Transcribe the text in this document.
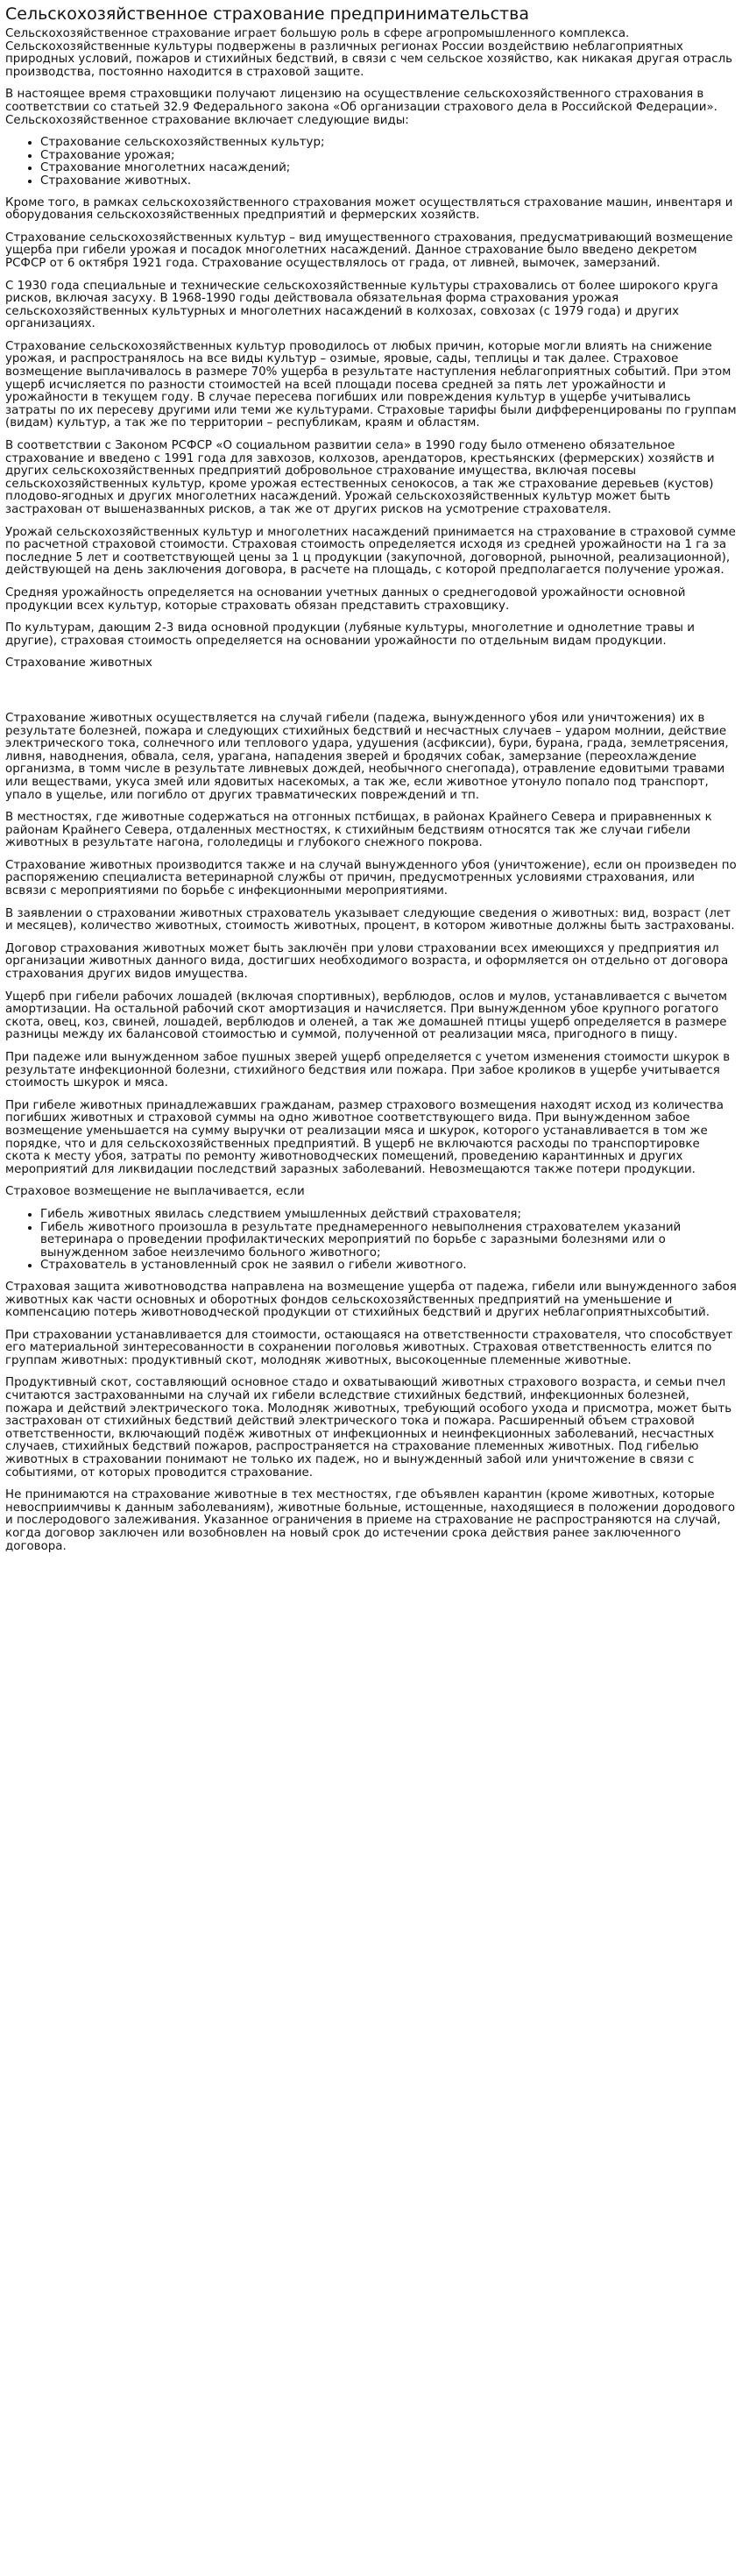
Сельскохозяйственное страхование предпринимательства

Сельскохозяйственное страхование играет большую роль в сфере агропромышленного комплекса. Сельскохозяйственные культуры подвержены в различных регионах России воздействию неблагоприятных природных условий, пожаров и стихийных бедствий, в связи с чем сельское хозяйство, как никакая другая отрасль производства, постоянно находится в страховой защите.

В настоящее время страховщики получают лицензию на осуществление сельскохозяйственного страхования в соответствии со статьей 32.9 Федерального закона «Об организации страхового дела в Российской Федерации». Сельскохозяйственное страхование включает следующие виды:

• Страхование сельскохозяйственных культур;
• Страхование урожая;
• Страхование многолетних насаждений;
• Страхование животных.

Кроме того, в рамках сельскохозяйственного страхования может осуществляться страхование машин, инвентаря и оборудования сельскохозяйственных предприятий и фермерских хозяйств.

Страхование сельскохозяйственных культур – вид имущественного страхования, предусматривающий возмещение ущерба при гибели урожая и посадок многолетних насаждений. Данное страхование было введено декретом РСФСР от 6 октября 1921 года. Страхование осуществлялось от града, от ливней, вымочек, замерзаний.

С 1930 года специальные и технические сельскохозяйственные культуры страховались от более широкого круга рисков, включая засуху. В 1968-1990 годы действовала обязательная форма страхования урожая сельскохозяйственных культурных и многолетних насаждений в колхозах, совхозах (с 1979 года) и других организациях.

Страхование сельскохозяйственных культур проводилось от любых причин, которые могли влиять на снижение урожая, и распространялось на все виды культур – озимые, яровые, сады, теплицы и так далее. Страховое возмещение выплачивалось в размере 70% ущерба в результате наступления неблагоприятных событий. При этом ущерб исчисляется по разности стоимостей на всей площади посева средней за пять лет урожайности и урожайности в текущем году. В случае пересева погибших или повреждения культур в ущербе учитывались затраты по их пересеву другими или теми же культурами. Страховые тарифы были дифференцированы по группам (видам) культур, а так же по территории – республикам, краям и областям.

В соответствии с Законом РСФСР «О социальном развитии села» в 1990 году было отменено обязательное страхование и введено с 1991 года для завхозов, колхозов, арендаторов, крестьянских (фермерских) хозяйств и других сельскохозяйственных предприятий добровольное страхование имущества, включая посевы сельскохозяйственных культур, кроме урожая естественных сенокосов, а так же страхование деревьев (кустов) плодово-ягодных и других многолетних насаждений. Урожай сельскохозяйственных культур может быть застрахован от вышеназванных рисков, а так же от других рисков на усмотрение страхователя.

Урожай сельскохозяйственных культур и многолетних насаждений принимается на страхование в страховой сумме по расчетной страховой стоимости. Страховая стоимость определяется исходя из средней урожайности на 1 га за последние 5 лет и соответствующей цены за 1 ц продукции (закупочной, договорной, рыночной, реализационной), действующей на день заключения договора, в расчете на площадь, с которой предполагается получение урожая.

Средняя урожайность определяется на основании учетных данных о среднегодовой урожайности основной продукции всех культур, которые страховать обязан представить страховщику.

По культурам, дающим 2-3 вида основной продукции (лубяные культуры, многолетние и однолетние травы и другие), страховая стоимость определяется на основании урожайности по отдельным видам продукции.

Страхование животных

Страхование животных осуществляется на случай гибели (падежа, вынужденного убоя или уничтожения) их в результате болезней, пожара и следующих стихийных бедствий и несчастных случаев – ударом молнии, действие электрического тока, солнечного или теплового удара, удушения (асфиксии), бури, бурана, града, землетрясения, ливня, наводнения, обвала, селя, урагана, нападения зверей и бродячих собак, замерзание (переохлаждение организма, в томм числе в результате ливневых дождей, необычного снегопада), отравление едовитыми травами или веществами, укуса змей или ядовитых насекомых, а так же, если животное утонуло попало под транспорт, упало в ущелье, или погибло от других травматических повреждений и тп.

В местностях, где животные содержаться на отгонных пстбищах, в районах Крайнего Севера и приравненных к районам Крайнего Севера, отдаленных местностях, к стихийным бедствиям относятся так же случаи гибели животных в результате нагона, гололедицы и глубокого снежного покрова.

Страхование животных производится также и на случай вынужденного убоя (уничтожение), если он произведен по распоряжению специалиста ветеринарной службы от причин, предусмотренных условиями страхования, или всвязи с мероприятиями по борьбе с инфекционными мероприятиями.

В заявлении о страховании животных страхователь указывает следующие сведения о животных: вид, возраст (лет и месяцев), количество животных, стоимость животных, процент, в котором животные должны быть застрахованы.

Договор страхования животных может быть заключён при улови страховании всех имеющихся у предприятия ил организации животных данного вида, достигших необходимого возраста, и оформляется он отдельно от договора страхования других видов имущества.

Ущерб при гибели рабочих лошадей (включая спортивных), верблюдов, ослов и мулов, устанавливается с вычетом амортизации. На остальной рабочий скот амортизация и начисляется. При вынужденном убое крупного рогатого скота, овец, коз, свиней, лошадей, верблюдов и оленей, а так же домашней птицы ущерб определяется в размере разницы между их балансовой стоимостью и суммой, полученной от реализации мяса, пригодного в пищу.

При падеже или вынужденном забое пушных зверей ущерб определяется с учетом изменения стоимости шкурок в результате инфекционной болезни, стихийного бедствия или пожара. При забое кроликов в ущербе учитывается стоимость шкурок и мяса.

При гибеле животных принадлежавших гражданам, размер страхового возмещения находят исход из количества погибших животных и страховой суммы на одно животное соответствующего вида. При вынужденном забое возмещение уменьшается на сумму выручки от реализации мяса и шкурок, которого устанавливается в том же порядке, что и для сельскохозяйственных предприятий. В ущерб не включаются расходы по транспортировке скота к месту убоя, затраты по ремонту животноводческих помещений, проведению карантинных и других мероприятий для ликвидации последствий заразных заболеваний. Невозмещаются также потери продукции.

Страховое возмещение не выплачивается, если

• Гибель животных явилась следствием умышленных действий страхователя;
• Гибель животного произошла в результате преднамеренного невыполнения страхователем указаний ветеринара о проведении профилактических мероприятий по борьбе с заразными болезнями или о вынужденном забое неизлечимо больного животного;
• Страхователь в установленный срок не заявил о гибели животного.

Страховая защита животноводства направлена на возмещение ущерба от падежа, гибели или вынужденного забоя животных как части основных и оборотных фондов сельскохозяйственных предприятий на уменьшение и компенсацию потерь животноводческой продукции от стихийных бедствий и других неблагоприятныхсобытий.

При страховании устанавливается для стоимости, остающаяся на ответственности страхователя, что способствует его материальной зинтересованности в сохранении поголовья животных. Страховая ответственность елится по группам животных: продуктивный скот, молодняк животных, высокоценные племенные животные.

Продуктивный скот, составляющий основное стадо и охватывающий животных страхового возраста, и семьи пчел считаются застрахованными на случай их гибели вследствие стихийных бедствий, инфекционных болезней, пожара и действий электрического тока. Молодняк животных, требующий особого ухода и присмотра, может быть застрахован от стихийных бедствий действий электрического тока и пожара. Расширенный объем страховой ответственности, включающий подёж животных от инфекционных и неинфекционных заболеваний, несчастных случаев, стихийных бедствий пожаров, распространяется на страхование племенных животных. Под гибелью животных в страховании понимают не только их падеж, но и вынужденный забой или уничтожение в связи с событиями, от которых проводится страхование.

Не принимаются на страхование животные в тех местностях, где объявлен карантин (кроме животных, которые невосприимчивы к данным заболеваниям), животные больные, истощенные, находящиеся в положении дородового и послеродового залеживания. Указанное ограничения в приеме на страхование не распространяются на случай, когда договор заключен или возобновлен на новый срок до истечении срока действия ранее заключенного договора.
